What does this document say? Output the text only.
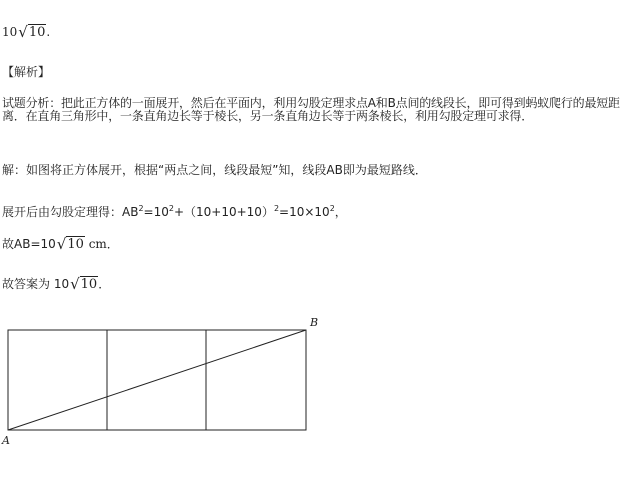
10√10.
【解析】
试题分析：把此正方体的一面展开，然后在平面内，利用勾股定理求点A和B点间的线段长，即可得到蚂蚁爬行的最短距离．在直角三角形中，一条直角边长等于棱长，另一条直角边长等于两条棱长，利用勾股定理可求得．
解：如图将正方体展开，根据“两点之间，线段最短”知，线段AB即为最短路线．
展开后由勾股定理得：$AB^2=10^2+(10+10+10)^2=10\times 10^2$，
故AB=10√10 cm．
故答案为 10√10．
A
B
